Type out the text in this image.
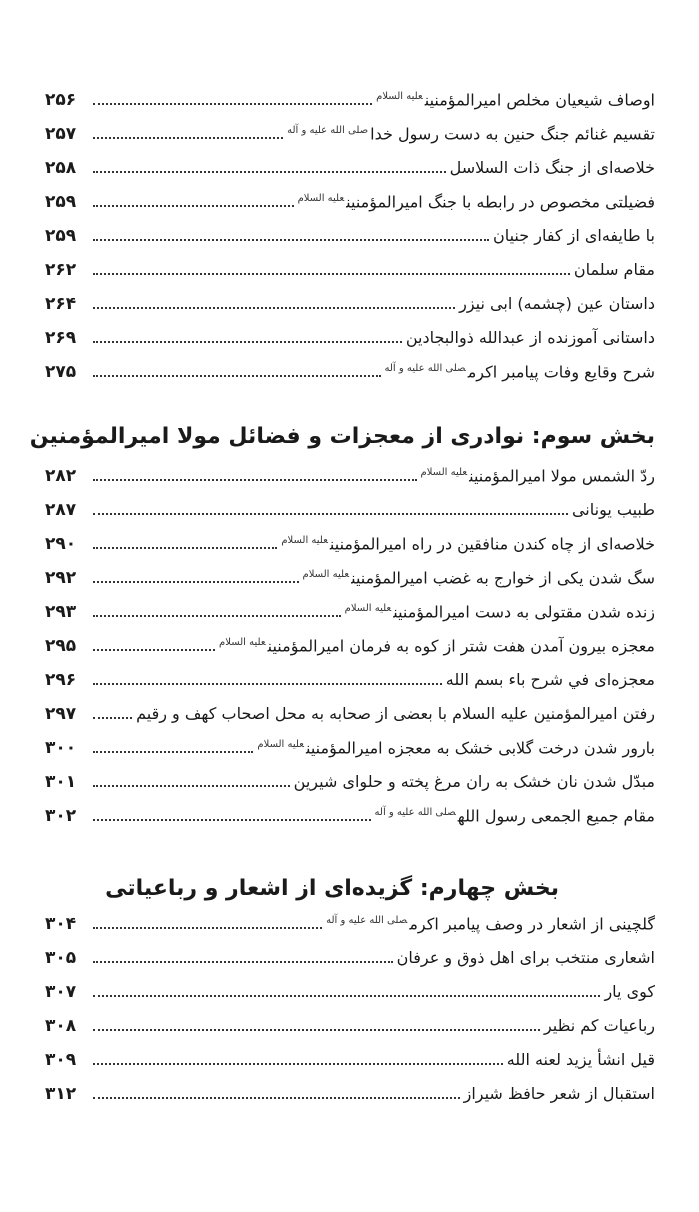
۲۵۶	اوصاف شیعیان مخلص امیرالمؤمنین$^{علیه السلام}$
۲۵۷	تقسیم غنائم جنگ حنین به دست رسول خدا$^{صلی الله علیه و آله}$
۲۵۸	خلاصه‌ای از جنگ ذات السلاسل
۲۵۹	فضیلتی مخصوص در رابطه با جنگ امیرالمؤمنین$^{علیه السلام}$
۲۵۹	با طایفه‌ای از کفار جنیان
۲۶۲	مقام سلمان
۲۶۴	داستان عین (چشمه) ابی نیزر
۲۶۹	داستانی آموزنده از عبدالله ذوالبجادین
۲۷۵	شرح وقایع وفات پیامبر اکرم$^{صلی الله علیه و آله}$
بخش سوم: نوادری از معجزات و فضائل مولا امیرالمؤمنین
۲۸۲	ردّ الشمس مولا امیرالمؤمنین$^{علیه السلام}$
۲۸۷	طبیب یونانی
۲۹۰	خلاصه‌ای از چاه کندن منافقین در راه امیرالمؤمنین$^{علیه السلام}$
۲۹۲	سگ شدن یکی از خوارج به غضب امیرالمؤمنین$^{علیه السلام}$
۲۹۳	زنده شدن مقتولی به دست امیرالمؤمنین$^{علیه السلام}$
۲۹۵	معجزه بیرون آمدن هفت شتر از کوه به فرمان امیرالمؤمنین$^{علیه السلام}$
۲۹۶	معجزه‌ای في شرح باء بسم الله
۲۹۷	رفتن امیرالمؤمنین علیه السلام با بعضی از صحابه به محل اصحاب کهف و رقیم
۳۰۰	بارور شدن درخت گلابی خشک به معجزه امیرالمؤمنین$^{علیه السلام}$
۳۰۱	مبدّل شدن نان خشک به ران مرغ پخته و حلوای شیرین
۳۰۲	مقام جمیع الجمعی رسول الله$^{صلی الله علیه و آله}$
بخش چهارم: گزیده‌ای از اشعار و رباعیاتی
۳۰۴	گلچینی از اشعار در وصف پیامبر اکرم$^{صلی الله علیه و آله}$
۳۰۵	اشعاری منتخب برای اهل ذوق و عرفان
۳۰۷	کوی یار
۳۰۸	رباعیات کم نظیر
۳۰۹	قیل انشأ یزید لعنه الله
۳۱۲	استقبال از شعر حافظ شیراز
